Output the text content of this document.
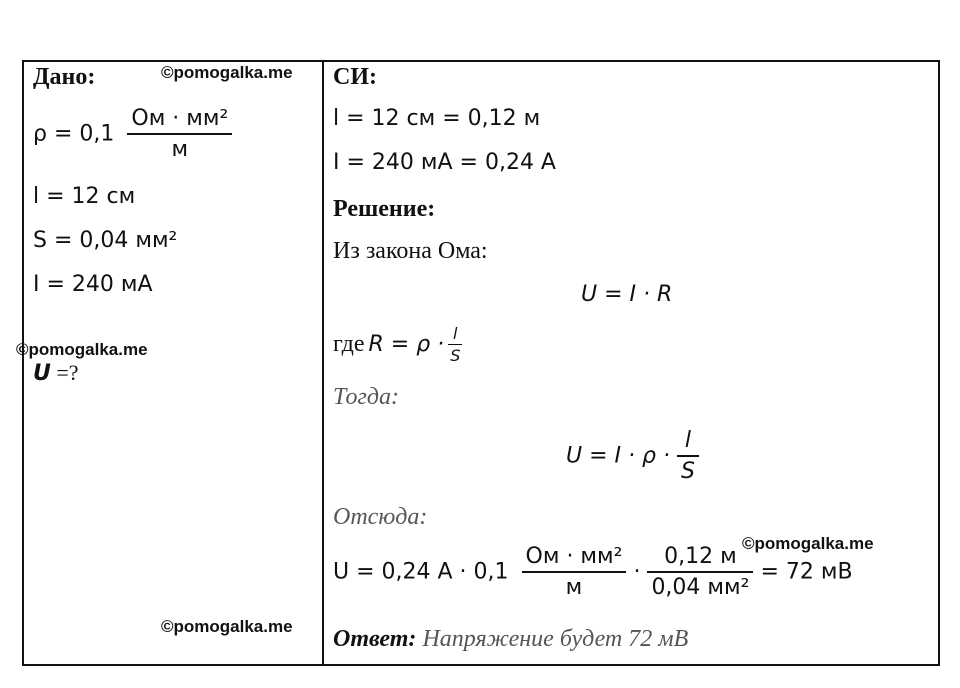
Дано:
$\rho = 0,1 \frac{\text{Ом · мм²}}{м}$
l = 12 см
S = 0,04 мм²
I = 240 мА
U =?
СИ:
l = 12 см = 0,12 м
I = 240 мА = 0,24 А
Решение:
Из закона Ома:
U = I · R
где $R = \rho \cdot \frac{l}{S}$
Тогда:
$U = I \cdot \rho \cdot \frac{l}{S}$
Отсюда:
U = 0,24 $A \cdot 0,1 \frac{\text{Ом · мм²}}{м} \cdot \frac{0,12 м}{\text{0,04 мм²}} = 72$ мВ
Ответ: Напряжение будет 72 мВ
©pomogalka.me
©pomogalka.me
©pomogalka.me
©pomogalka.me
